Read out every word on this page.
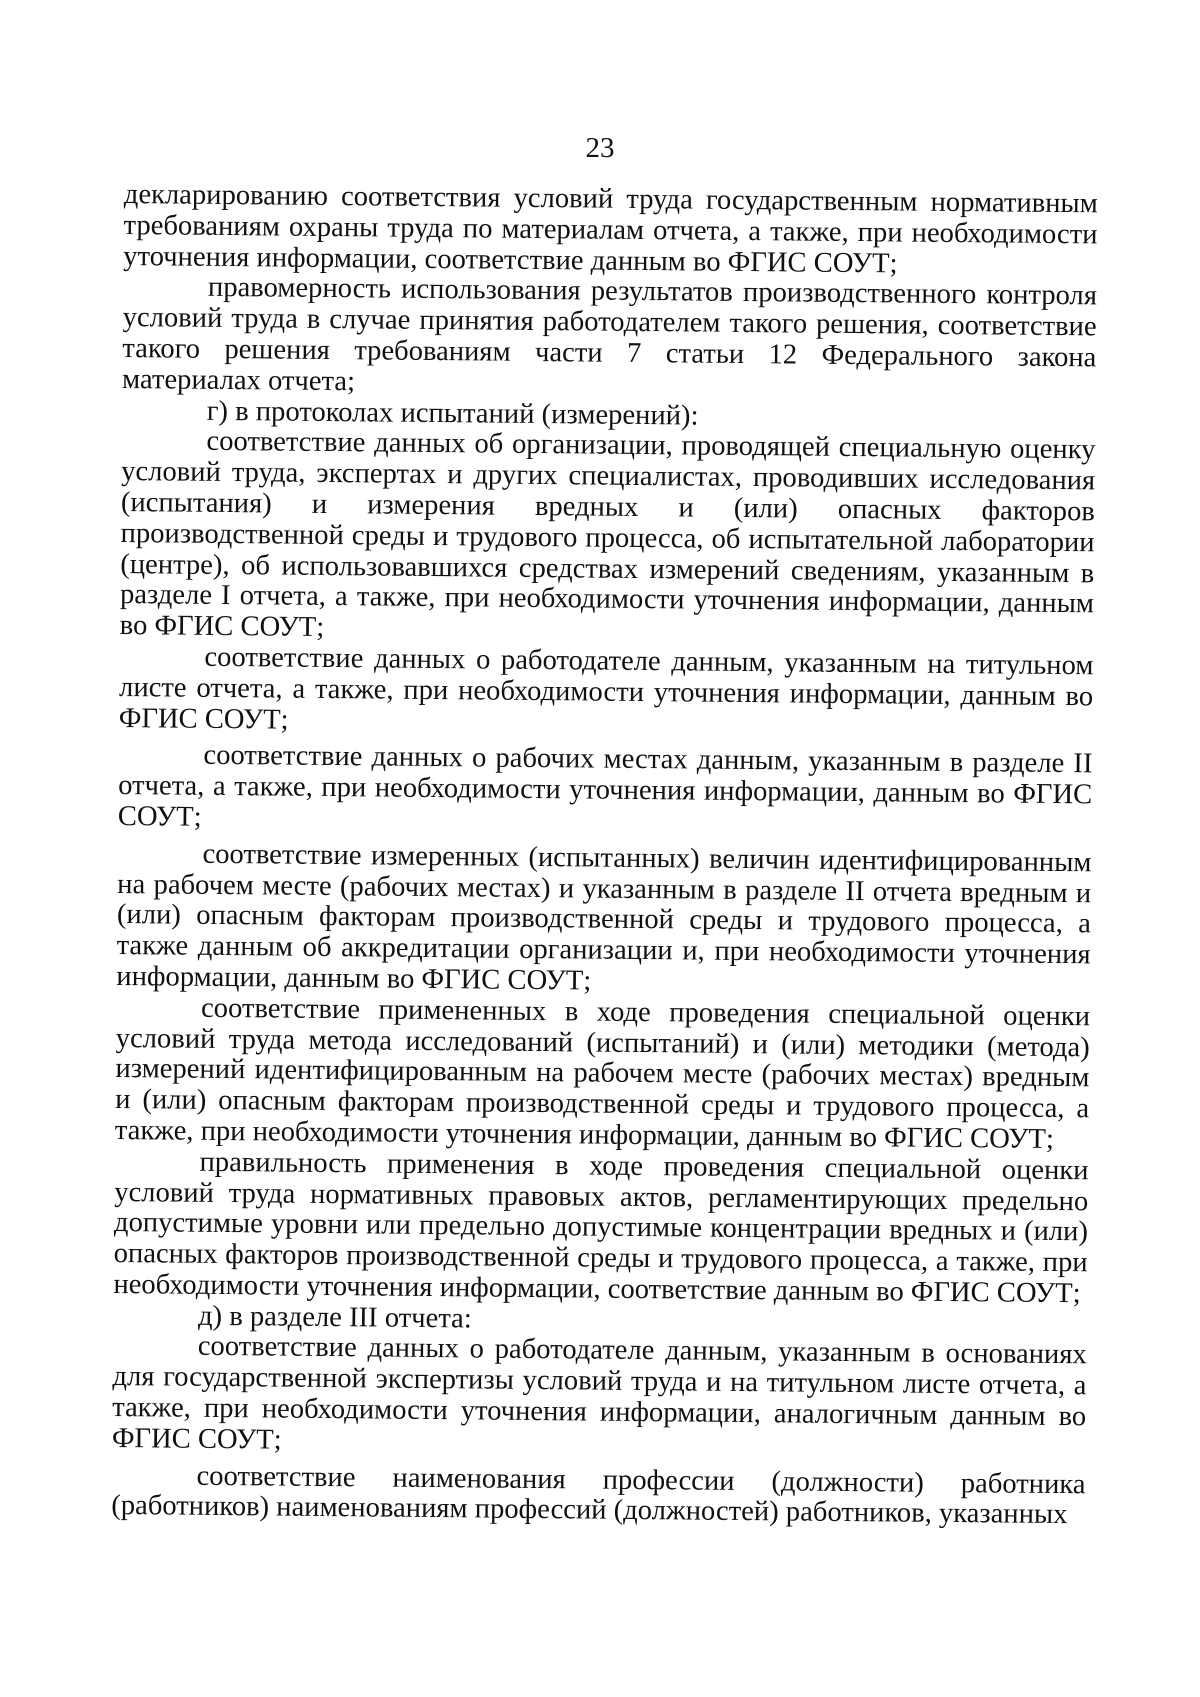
23

декларированию соответствия условий труда государственным нормативным требованиям охраны труда по материалам отчета, а также, при необходимости уточнения информации, соответствие данным во ФГИС СОУТ;

правомерность использования результатов производственного контроля условий труда в случае принятия работодателем такого решения, соответствие такого решения требованиям части 7 статьи 12 Федерального закона материалах отчета;

г) в протоколах испытаний (измерений):

соответствие данных об организации, проводящей специальную оценку условий труда, экспертах и других специалистах, проводивших исследования (испытания) и измерения вредных и (или) опасных факторов производственной среды и трудового процесса, об испытательной лаборатории (центре), об использовавшихся средствах измерений сведениям, указанным в разделе I отчета, а также, при необходимости уточнения информации, данным во ФГИС СОУТ;

соответствие данных о работодателе данным, указанным на титульном листе отчета, а также, при необходимости уточнения информации, данным во ФГИС СОУТ;

соответствие данных о рабочих местах данным, указанным в разделе II отчета, а также, при необходимости уточнения информации, данным во ФГИС СОУТ;

соответствие измеренных (испытанных) величин идентифицированным на рабочем месте (рабочих местах) и указанным в разделе II отчета вредным и (или) опасным факторам производственной среды и трудового процесса, а также данным об аккредитации организации и, при необходимости уточнения информации, данным во ФГИС СОУТ;

соответствие примененных в ходе проведения специальной оценки условий труда метода исследований (испытаний) и (или) методики (метода) измерений идентифицированным на рабочем месте (рабочих местах) вредным и (или) опасным факторам производственной среды и трудового процесса, а также, при необходимости уточнения информации, данным во ФГИС СОУТ;

правильность применения в ходе проведения специальной оценки условий труда нормативных правовых актов, регламентирующих предельно допустимые уровни или предельно допустимые концентрации вредных и (или) опасных факторов производственной среды и трудового процесса, а также, при необходимости уточнения информации, соответствие данным во ФГИС СОУТ;

д) в разделе III отчета:

соответствие данных о работодателе данным, указанным в основаниях для государственной экспертизы условий труда и на титульном листе отчета, а также, при необходимости уточнения информации, аналогичным данным во ФГИС СОУТ;

соответствие наименования профессии (должности) работника (работников) наименованиям профессий (должностей) работников, указанных
